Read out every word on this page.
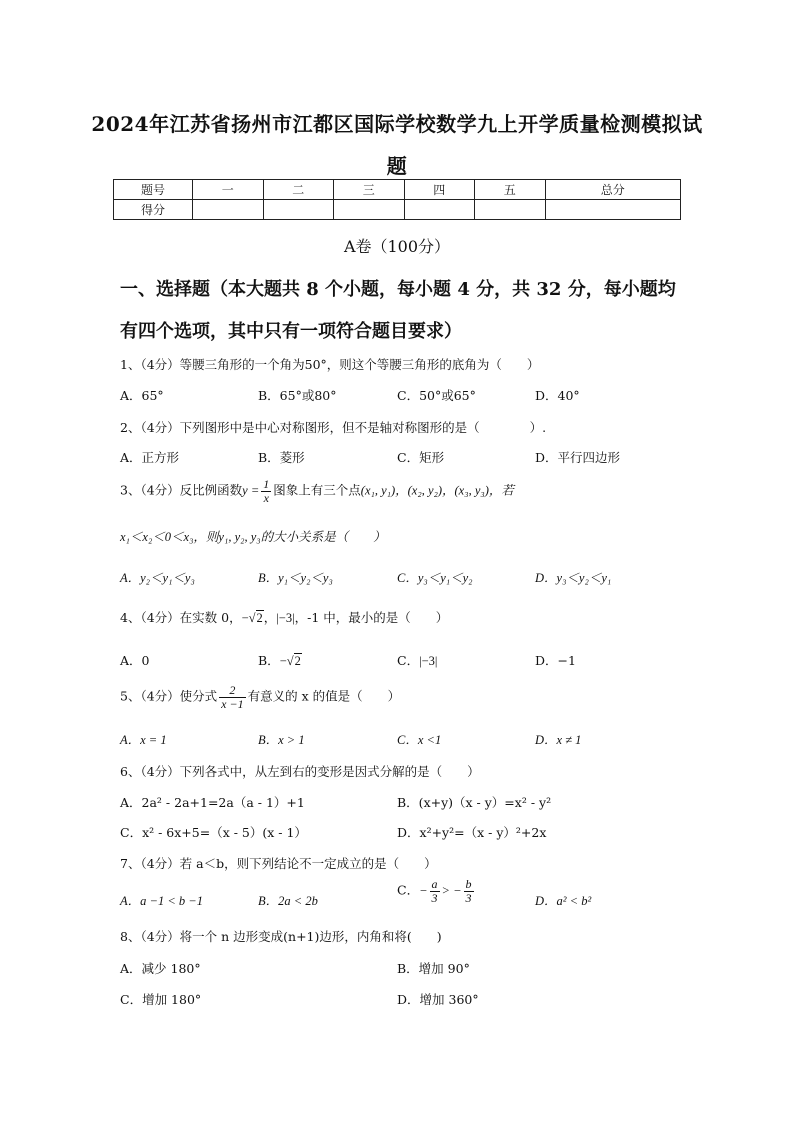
2024年江苏省扬州市江都区国际学校数学九上开学质量检测模拟试
题
题号	一	二	三	四	五	总分
得分						
A卷（100分）
一、选择题（本大题共 8 个小题，每小题 4 分，共 32 分，每小题均
有四个选项，其中只有一项符合题目要求）
1、（4分）等腰三角形的一个角为50°，则这个等腰三角形的底角为（　　）
A．65°	B．65°或80°	C．50°或65°	D．40°
2、（4分）下列图形中是中心对称图形，但不是轴对称图形的是（　　　　）.
A．正方形	B．菱形	C．矩形	D．平行四边形
3、（4分）反比例函数$y = \frac{1}{x}$ 图象上有三个点(x₁, y₁)，(x₂, y₂)，(x₃, y₃)，若
x₁＜x₂＜0＜x₃，则y₁, y₂, y₃的大小关系是（　　）
A．y₂＜y₁＜y₃	B．y₁＜y₂＜y₃	C．y₃＜y₁＜y₂	D．y₃＜y₂＜y₁
4、（4分）在实数 0，−√2，|−3|，-1 中，最小的是（　　）
A．0	B．−√2	C．|−3|	D．−1
5、（4分）使分式 $\frac{2}{x -1}$ 有意义的 x 的值是（　　）
A．x = 1	B．x > 1	C．x <1	D．x ≠ 1
6、（4分）下列各式中，从左到右的变形是因式分解的是（　　）
A．2a² - 2a+1=2a（a - 1）+1	B．(x+y)（x - y）=x² - y²
C．x² - 6x+5=（x - 5）(x - 1）	D．x²+y²=（x - y）²+2x
7、（4分）若 a＜b，则下列结论不一定成立的是（　　）
A．a −1 < b −1	B．2a < 2b
C．− $\frac{a}{3}$ > − $\frac{b}{3}$	D．a² < b²
8、（4分）将一个 n 边形变成(n+1)边形，内角和将(　　)
A．减少 180°	B．增加 90°
C．增加 180°	D．增加 360°
